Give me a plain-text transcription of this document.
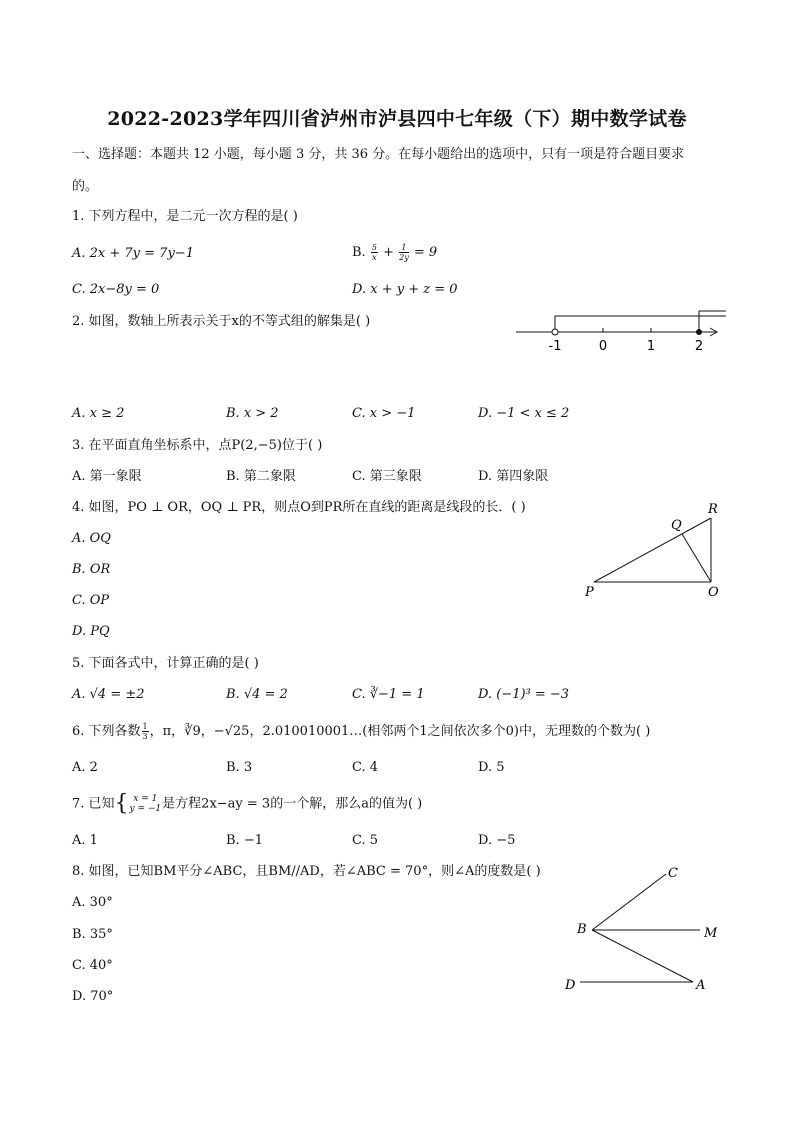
2022-2023学年四川省泸州市泸县四中七年级（下）期中数学试卷
一、选择题：本题共 12 小题，每小题 3 分，共 36 分。在每小题给出的选项中，只有一项是符合题目要求
的。
1. 下列方程中，是二元一次方程的是( )
A. 2x + 7y = 7y−1	B. $\frac{5}{x} + \frac{1}{2y} = 9$
C. 2x−8y = 0	D. x + y + z = 0
2. 如图，数轴上所表示关于x的不等式组的解集是( )
-1	0	1	2
A. x ≥ 2	B. x > 2	C. x > −1	D. −1 < x ≤ 2
3. 在平面直角坐标系中，点P(2,−5)位于( )
A. 第一象限	B. 第二象限	C. 第三象限	D. 第四象限
4. 如图，PO ⊥ OR，OQ ⊥ PR，则点O到PR所在直线的距离是线段的长．( )
A. OQ
B. OR
C. OP
D. PQ
R
Q
P	O
5. 下面各式中，计算正确的是( )
A. √4 = ±2	B. √4 = 2	C. ∛−1 = 1	D. (−1)³ = −3
6. 下列各数 $\frac{1}{3}$ ，π，∛9，−√25，2.010010001…(相邻两个1之间依次多个0)中，无理数的个数为( )
A. 2	B. 3	C. 4	D. 5
7. 已知{ x = 1
y = −1 是方程2x−ay = 3的一个解，那么a的值为( )
A. 1	B. −1	C. 5	D. −5
8. 如图，已知BM平分∠ABC，且BM//AD，若∠ABC = 70°，则∠A的度数是( )
A. 30°
B. 35°
C. 40°
D. 70°
C
B	M
D	A
